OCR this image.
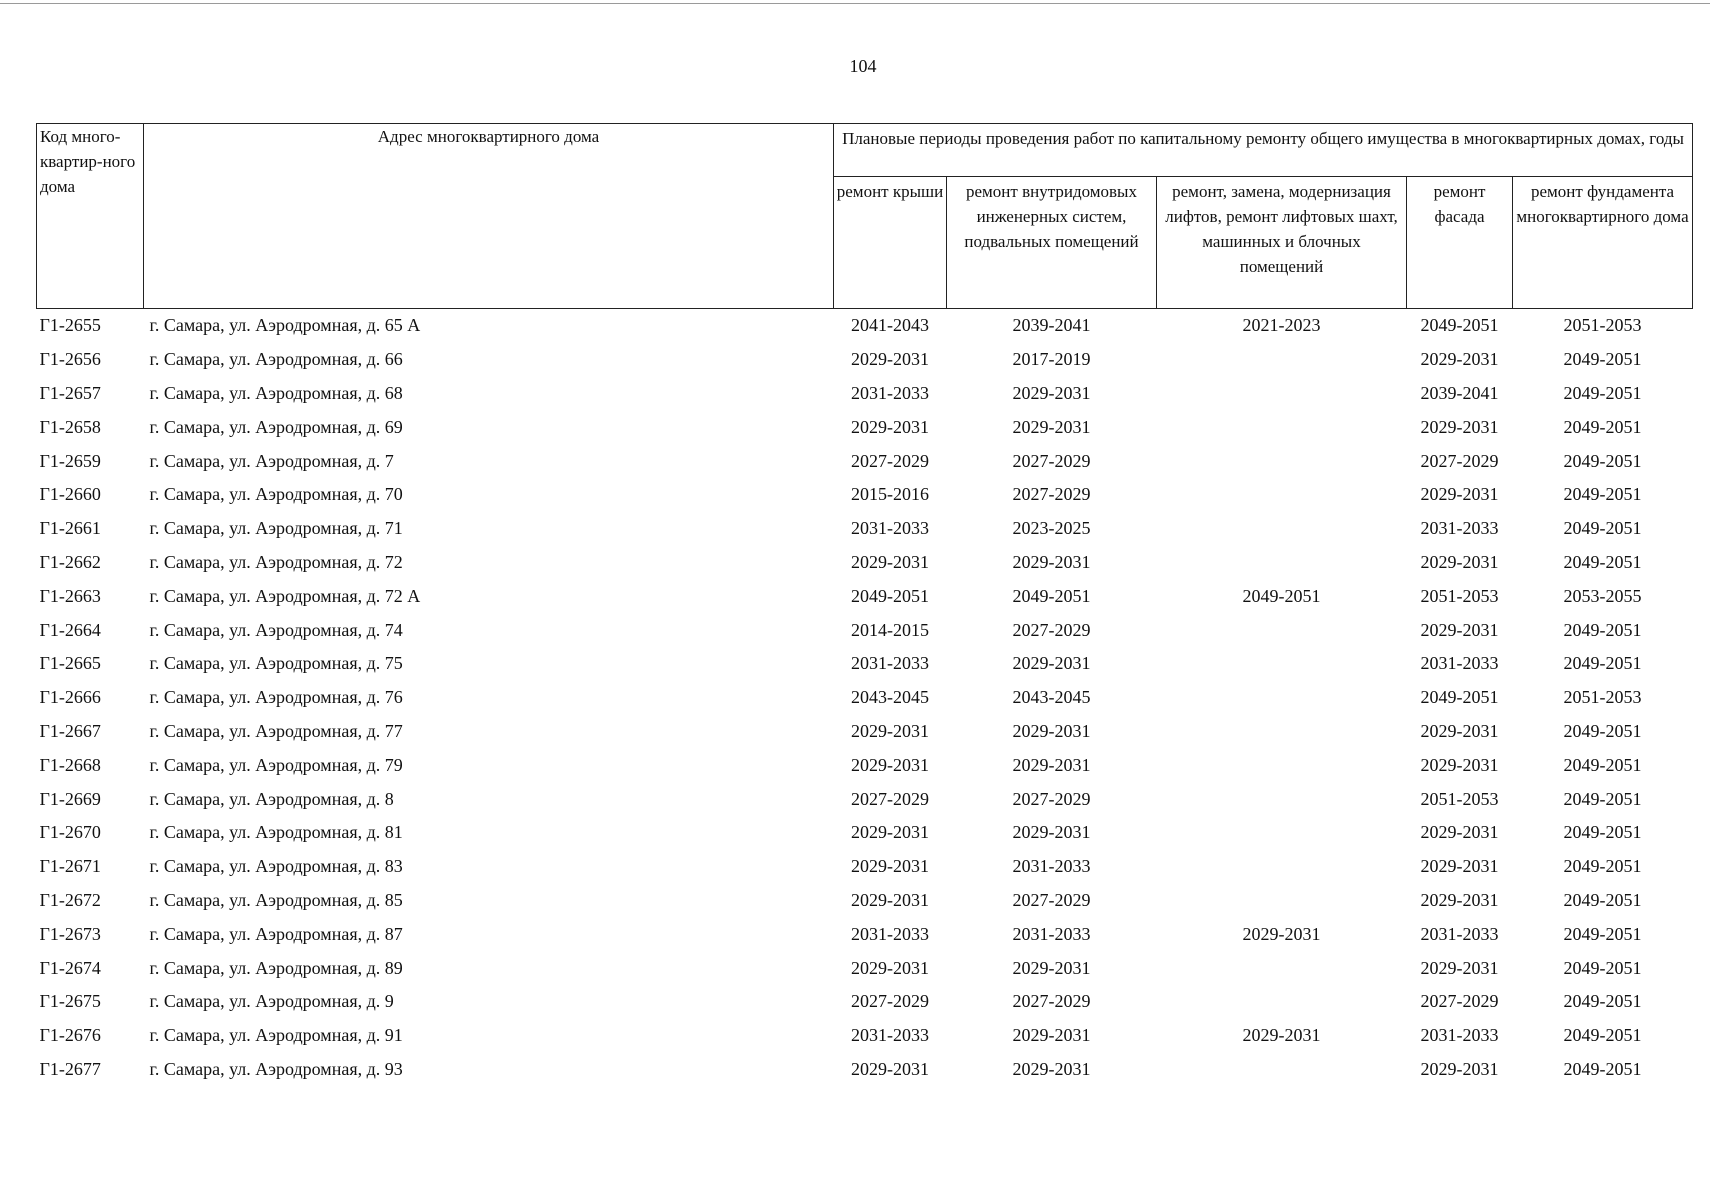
104
Код много-квартир-ного дома	Адрес многоквартирного дома	Плановые периоды проведения работ по капитальному ремонту общего имущества в многоквартирных домах, годы				
		ремонт крыши	ремонт внутридомовых инженерных систем, подвальных помещений	ремонт, замена, модернизация лифтов, ремонт лифтовых шахт, машинных и блочных помещений	ремонт фасада	ремонт фундамента многоквартирного дома
Г1-2655	г. Самара, ул. Аэродромная, д. 65 А	2041-2043	2039-2041	2021-2023	2049-2051	2051-2053
Г1-2656	г. Самара, ул. Аэродромная, д. 66	2029-2031	2017-2019		2029-2031	2049-2051
Г1-2657	г. Самара, ул. Аэродромная, д. 68	2031-2033	2029-2031		2039-2041	2049-2051
Г1-2658	г. Самара, ул. Аэродромная, д. 69	2029-2031	2029-2031		2029-2031	2049-2051
Г1-2659	г. Самара, ул. Аэродромная, д. 7	2027-2029	2027-2029		2027-2029	2049-2051
Г1-2660	г. Самара, ул. Аэродромная, д. 70	2015-2016	2027-2029		2029-2031	2049-2051
Г1-2661	г. Самара, ул. Аэродромная, д. 71	2031-2033	2023-2025		2031-2033	2049-2051
Г1-2662	г. Самара, ул. Аэродромная, д. 72	2029-2031	2029-2031		2029-2031	2049-2051
Г1-2663	г. Самара, ул. Аэродромная, д. 72 А	2049-2051	2049-2051	2049-2051	2051-2053	2053-2055
Г1-2664	г. Самара, ул. Аэродромная, д. 74	2014-2015	2027-2029		2029-2031	2049-2051
Г1-2665	г. Самара, ул. Аэродромная, д. 75	2031-2033	2029-2031		2031-2033	2049-2051
Г1-2666	г. Самара, ул. Аэродромная, д. 76	2043-2045	2043-2045		2049-2051	2051-2053
Г1-2667	г. Самара, ул. Аэродромная, д. 77	2029-2031	2029-2031		2029-2031	2049-2051
Г1-2668	г. Самара, ул. Аэродромная, д. 79	2029-2031	2029-2031		2029-2031	2049-2051
Г1-2669	г. Самара, ул. Аэродромная, д. 8	2027-2029	2027-2029		2051-2053	2049-2051
Г1-2670	г. Самара, ул. Аэродромная, д. 81	2029-2031	2029-2031		2029-2031	2049-2051
Г1-2671	г. Самара, ул. Аэродромная, д. 83	2029-2031	2031-2033		2029-2031	2049-2051
Г1-2672	г. Самара, ул. Аэродромная, д. 85	2029-2031	2027-2029		2029-2031	2049-2051
Г1-2673	г. Самара, ул. Аэродромная, д. 87	2031-2033	2031-2033	2029-2031	2031-2033	2049-2051
Г1-2674	г. Самара, ул. Аэродромная, д. 89	2029-2031	2029-2031		2029-2031	2049-2051
Г1-2675	г. Самара, ул. Аэродромная, д. 9	2027-2029	2027-2029		2027-2029	2049-2051
Г1-2676	г. Самара, ул. Аэродромная, д. 91	2031-2033	2029-2031	2029-2031	2031-2033	2049-2051
Г1-2677	г. Самара, ул. Аэродромная, д. 93	2029-2031	2029-2031		2029-2031	2049-2051
